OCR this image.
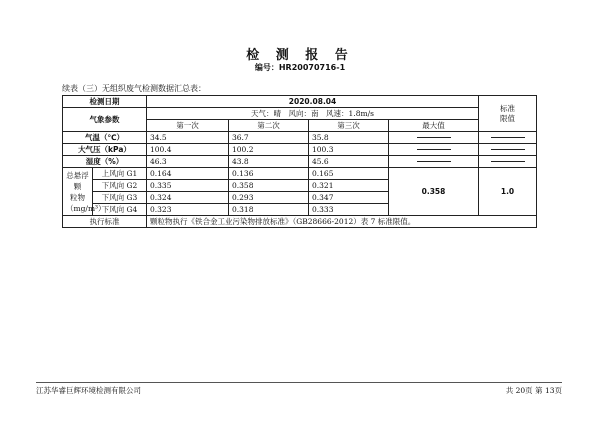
检 测 报 告
编号：HR20070716-1
续表（三）无组织废气检测数据汇总表：
检测日期		2020.08.04				标准
限值
气象参数		天气：晴　风向：南　风速：1.8m/s				
		第一次	第二次	第三次	最大值	
气温（℃）		34.5	36.7	35.8		
大气压（kPa）		100.4	100.2	100.3		
湿度（%）		46.3	43.8	45.6		
总悬浮颗
粒物
（mg/m³）	上风向 G1	0.164	0.136	0.165	0.358	1.0
	下风向 G2	0.335	0.358	0.321		
	下风向 G3	0.324	0.293	0.347		
	下风向 G4	0.323	0.318	0.333		
执行标准		颗粒物执行《铁合金工业污染物排放标准》（GB28666-2012）表 7 标准限值。				
江苏华睿巨辉环境检测有限公司	共 20页 第 13页
